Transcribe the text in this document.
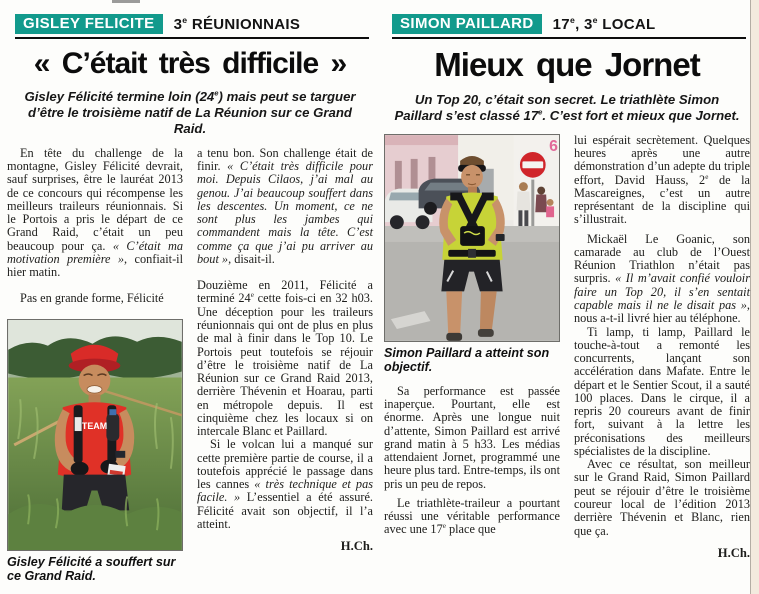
GISLEY FELICITE	3e RÉUNIONNAIS
« C’était très difficile »

Gisley Félicité termine loin (24e) mais peut se targuer d’être le troisième natif de La Réunion sur ce Grand Raid.

En tête du challenge de la montagne, Gisley Félicité devrait, sauf surprises, être le lauréat 2013 de ce concours qui récompense les meilleurs traileurs réunionnais. Si le Portois a pris le départ de ce Grand Raid, c’était un peu beaucoup pour ça. « C’était ma motivation première », confiait-il hier matin.

Pas en grande forme, Félicité

TEAM
Gisley Félicité a souffert sur ce Grand Raid.

a tenu bon. Son challenge était de finir. « C’était très difficile pour moi. Depuis Cilaos, j’ai mal au genou. J’ai beaucoup souffert dans les descentes. Un moment, ce ne sont plus les jambes qui commandent mais la tête. C’est comme ça que j’ai pu arriver au bout », disait-il.

Douzième en 2011, Félicité a terminé 24e cette fois-ci en 32 h03. Une déception pour les traileurs réunionnais qui ont de plus en plus de mal à finir dans le Top 10. Le Portois peut toutefois se réjouir d’être le troisième natif de La Réunion sur ce Grand Raid 2013, derrière Thévenin et Hoarau, parti en métropole depuis. Il est cinquième chez les locaux si on intercale Blanc et Paillard.

Si le volcan lui a manqué sur cette première partie de course, il a toutefois apprécié le passage dans les cannes « très technique et pas facile. » L’essentiel a été assuré. Félicité avait son objectif, il l’a atteint.

H.Ch.

SIMON PAILLARD	17e, 3e LOCAL
Mieux que Jornet

Un Top 20, c’était son secret. Le triathlète Simon Paillard s’est classé 17e. C’est fort et mieux que Jornet.

6
Simon Paillard a atteint son objectif.

Sa performance est passée inaperçue. Pourtant, elle est énorme. Après une longue nuit d’attente, Simon Paillard est arrivé grand matin à 5 h33. Les médias attendaient Jornet, programmé une heure plus tard. Entre-temps, ils ont pris un peu de repos.

Le triathlète-traileur a pourtant réussi une véritable performance avec une 17e place que

lui espérait secrètement. Quelques heures après une autre démonstration d’un adepte du triple effort, David Hauss, 2e de la Mascareignes, c’est un autre représentant de la discipline qui s’illustrait.

Mickaël Le Goanic, son camarade au club de l’Ouest Réunion Triathlon n’était pas surpris. « Il m’avait confié vouloir faire un Top 20, il s’en sentait capable mais il ne le disait pas », nous a-t-il livré hier au téléphone.

Ti lamp, ti lamp, Paillard le touche-à-tout a remonté les concurrents, lançant son accélération dans Mafate. Entre le départ et le Sentier Scout, il a sauté 100 places. Dans le cirque, il a repris 20 coureurs avant de finir fort, suivant à la lettre les préconisations des meilleurs spécialistes de la discipline.

Avec ce résultat, son meilleur sur le Grand Raid, Simon Paillard peut se réjouir d’être le troisième coureur local de l’édition 2013 derrière Thévenin et Blanc, rien que ça.

H.Ch.
